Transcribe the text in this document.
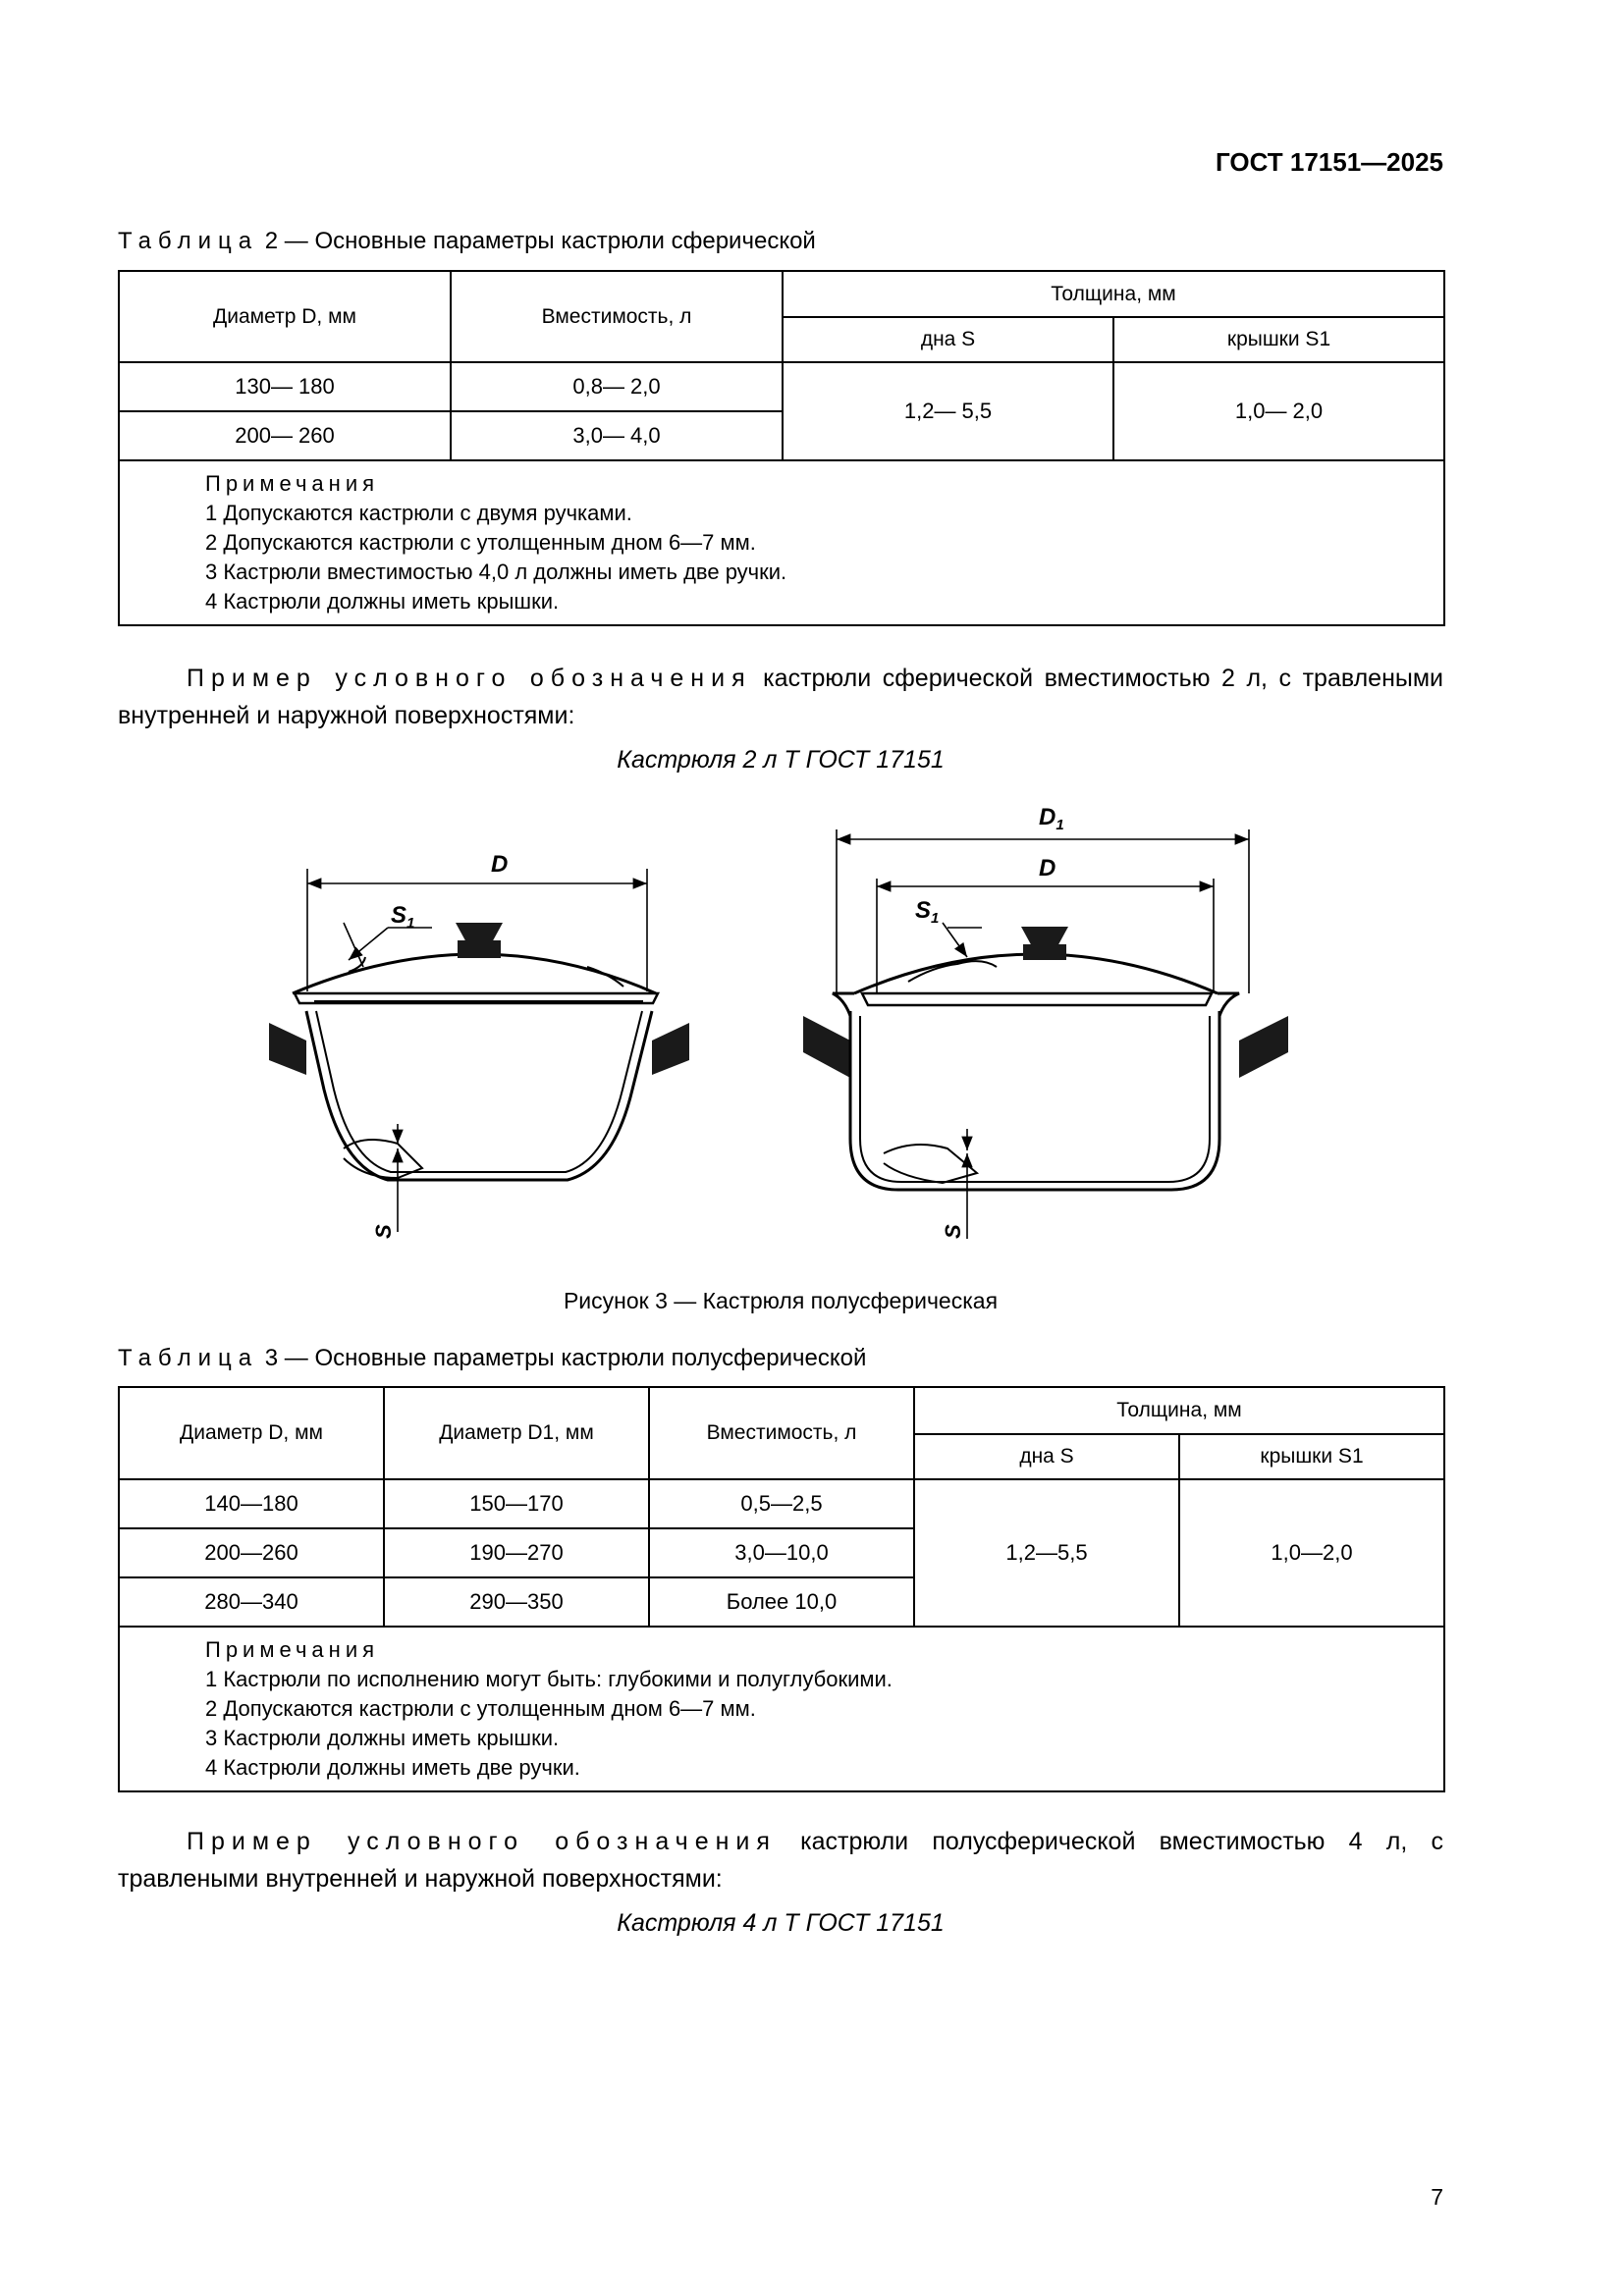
ГОСТ 17151—2025
Таблица 2 — Основные параметры кастрюли сферической
Диаметр D, мм	Вместимость, л	Толщина, мм	
		дна S	крышки S1
130— 180	0,8— 2,0	1,2— 5,5	1,0— 2,0
200— 260	3,0— 4,0		

Примечания
1 Допускаются кастрюли с двумя ручками.
2 Допускаются кастрюли с утолщенным дном 6—7 мм.
3 Кастрюли вместимостью 4,0 л должны иметь две ручки.
4 Кастрюли должны иметь крышки.			
Пример условного обозначения кастрюли сферической вместимостью 2 л, с травлеными внутренней и наружной поверхностями:
Кастрюля 2 л Т ГОСТ 17151
D
$S_1$
S
$D_1$
D
$S_1$
S
Рисунок 3 — Кастрюля полусферическая
Таблица 3 — Основные параметры кастрюли полусферической
Диаметр D, мм	Диаметр D1, мм	Вместимость, л	Толщина, мм	
			дна S	крышки S1
140—180	150—170	0,5—2,5	1,2—5,5	1,0—2,0
200—260	190—270	3,0—10,0		
280—340	290—350	Более 10,0		

Примечания
1 Кастрюли по исполнению могут быть: глубокими и полуглубокими.
2 Допускаются кастрюли с утолщенным дном 6—7 мм.
3 Кастрюли должны иметь крышки.
4 Кастрюли должны иметь две ручки.				
Пример условного обозначения кастрюли полусферической вместимостью 4 л, с травлеными внутренней и наружной поверхностями:
Кастрюля 4 л Т ГОСТ 17151
7
